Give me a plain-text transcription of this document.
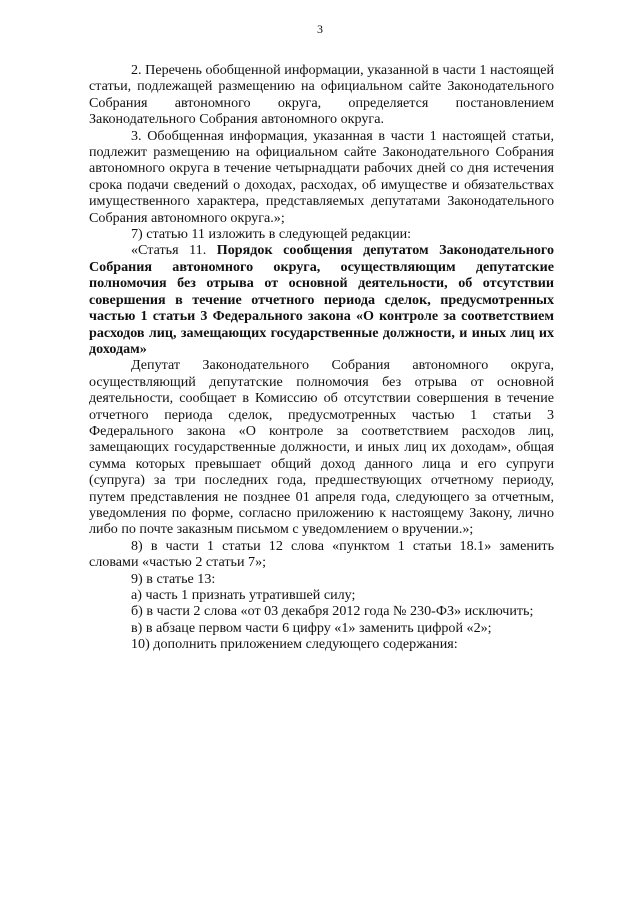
3

2. Перечень обобщенной информации, указанной в части 1 настоящей статьи, подлежащей размещению на официальном сайте Законодательного Собрания автономного округа, определяется постановлением Законодательного Собрания автономного округа.

3. Обобщенная информация, указанная в части 1 настоящей статьи, подлежит размещению на официальном сайте Законодательного Собрания автономного округа в течение четырнадцати рабочих дней со дня истечения срока подачи сведений о доходах, расходах, об имуществе и обязательствах имущественного характера, представляемых депутатами Законодательного Собрания автономного округа.»;

7) статью 11 изложить в следующей редакции:

«Статья 11. Порядок сообщения депутатом Законодательного Собрания автономного округа, осуществляющим депутатские полномочия без отрыва от основной деятельности, об отсутствии совершения в течение отчетного периода сделок, предусмотренных частью 1 статьи 3 Федерального закона «О контроле за соответствием расходов лиц, замещающих государственные должности, и иных лиц их доходам»

Депутат Законодательного Собрания автономного округа, осуществляющий депутатские полномочия без отрыва от основной деятельности, сообщает в Комиссию об отсутствии совершения в течение отчетного периода сделок, предусмотренных частью 1 статьи 3 Федерального закона «О контроле за соответствием расходов лиц, замещающих государственные должности, и иных лиц их доходам», общая сумма которых превышает общий доход данного лица и его супруги (супруга) за три последних года, предшествующих отчетному периоду, путем представления не позднее 01 апреля года, следующего за отчетным, уведомления по форме, согласно приложению к настоящему Закону, лично либо по почте заказным письмом с уведомлением о вручении.»;

8) в части 1 статьи 12 слова «пунктом 1 статьи 18.1» заменить словами «частью 2 статьи 7»;

9) в статье 13:

а) часть 1 признать утратившей силу;

б) в части 2 слова «от 03 декабря 2012 года № 230-ФЗ» исключить;

в) в абзаце первом части 6 цифру «1» заменить цифрой «2»;

10) дополнить приложением следующего содержания:
